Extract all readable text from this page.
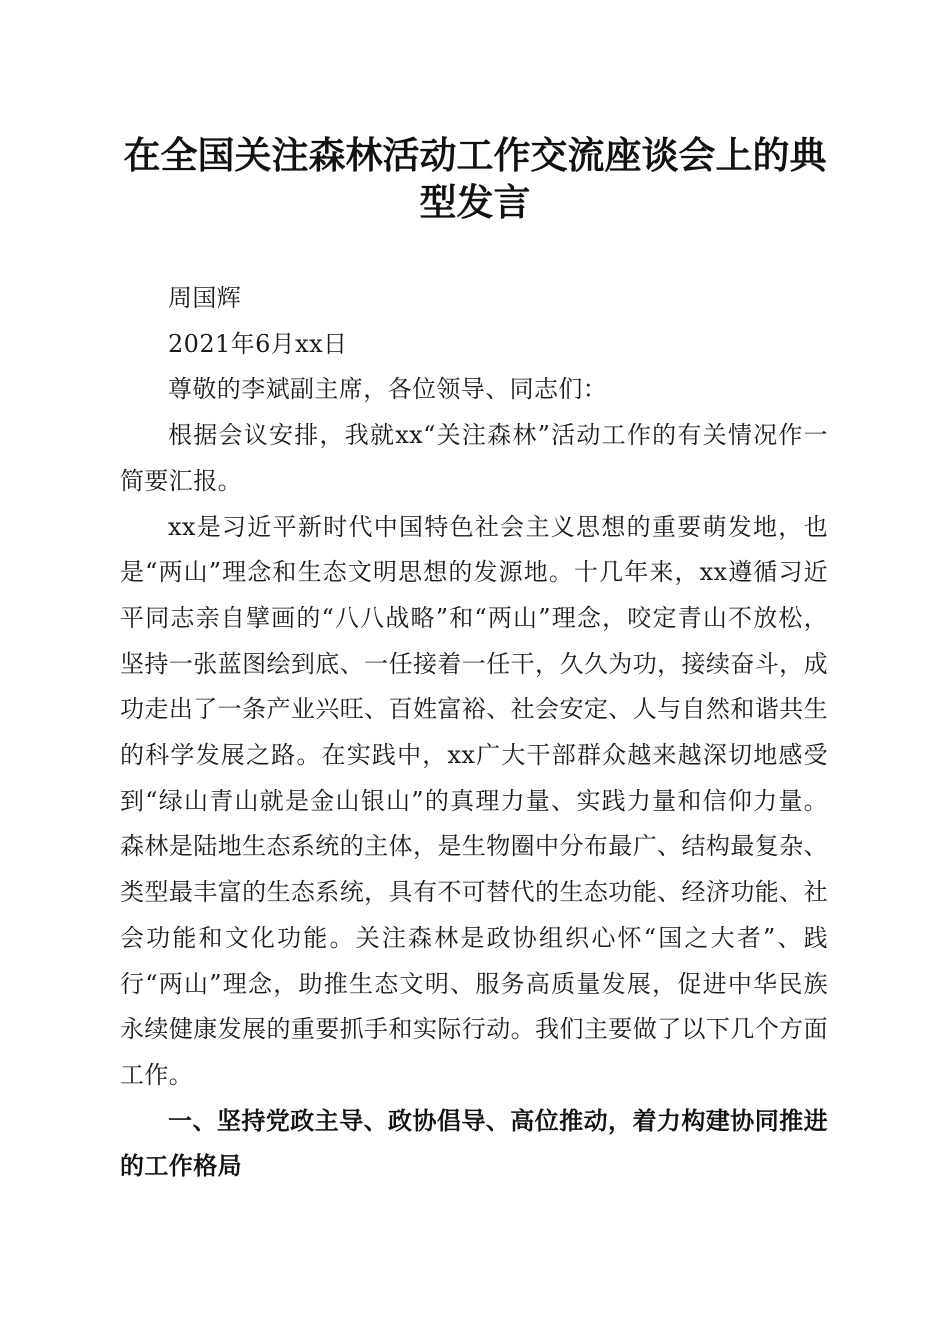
在全国关注森林活动工作交流座谈会上的典型发言

周国辉

2021年6月xx日

尊敬的李斌副主席，各位领导、同志们：

根据会议安排，我就xx“关注森林”活动工作的有关情况作一简要汇报。

xx是习近平新时代中国特色社会主义思想的重要萌发地，也是“两山”理念和生态文明思想的发源地。十几年来，xx遵循习近平同志亲自擘画的“八八战略”和“两山”理念，咬定青山不放松，坚持一张蓝图绘到底、一任接着一任干，久久为功，接续奋斗，成功走出了一条产业兴旺、百姓富裕、社会安定、人与自然和谐共生的科学发展之路。在实践中，xx广大干部群众越来越深切地感受到“绿山青山就是金山银山”的真理力量、实践力量和信仰力量。森林是陆地生态系统的主体，是生物圈中分布最广、结构最复杂、类型最丰富的生态系统，具有不可替代的生态功能、经济功能、社会功能和文化功能。关注森林是政协组织心怀“国之大者”、践行“两山”理念，助推生态文明、服务高质量发展，促进中华民族永续健康发展的重要抓手和实际行动。我们主要做了以下几个方面工作。

一、坚持党政主导、政协倡导、高位推动，着力构建协同推进的工作格局
